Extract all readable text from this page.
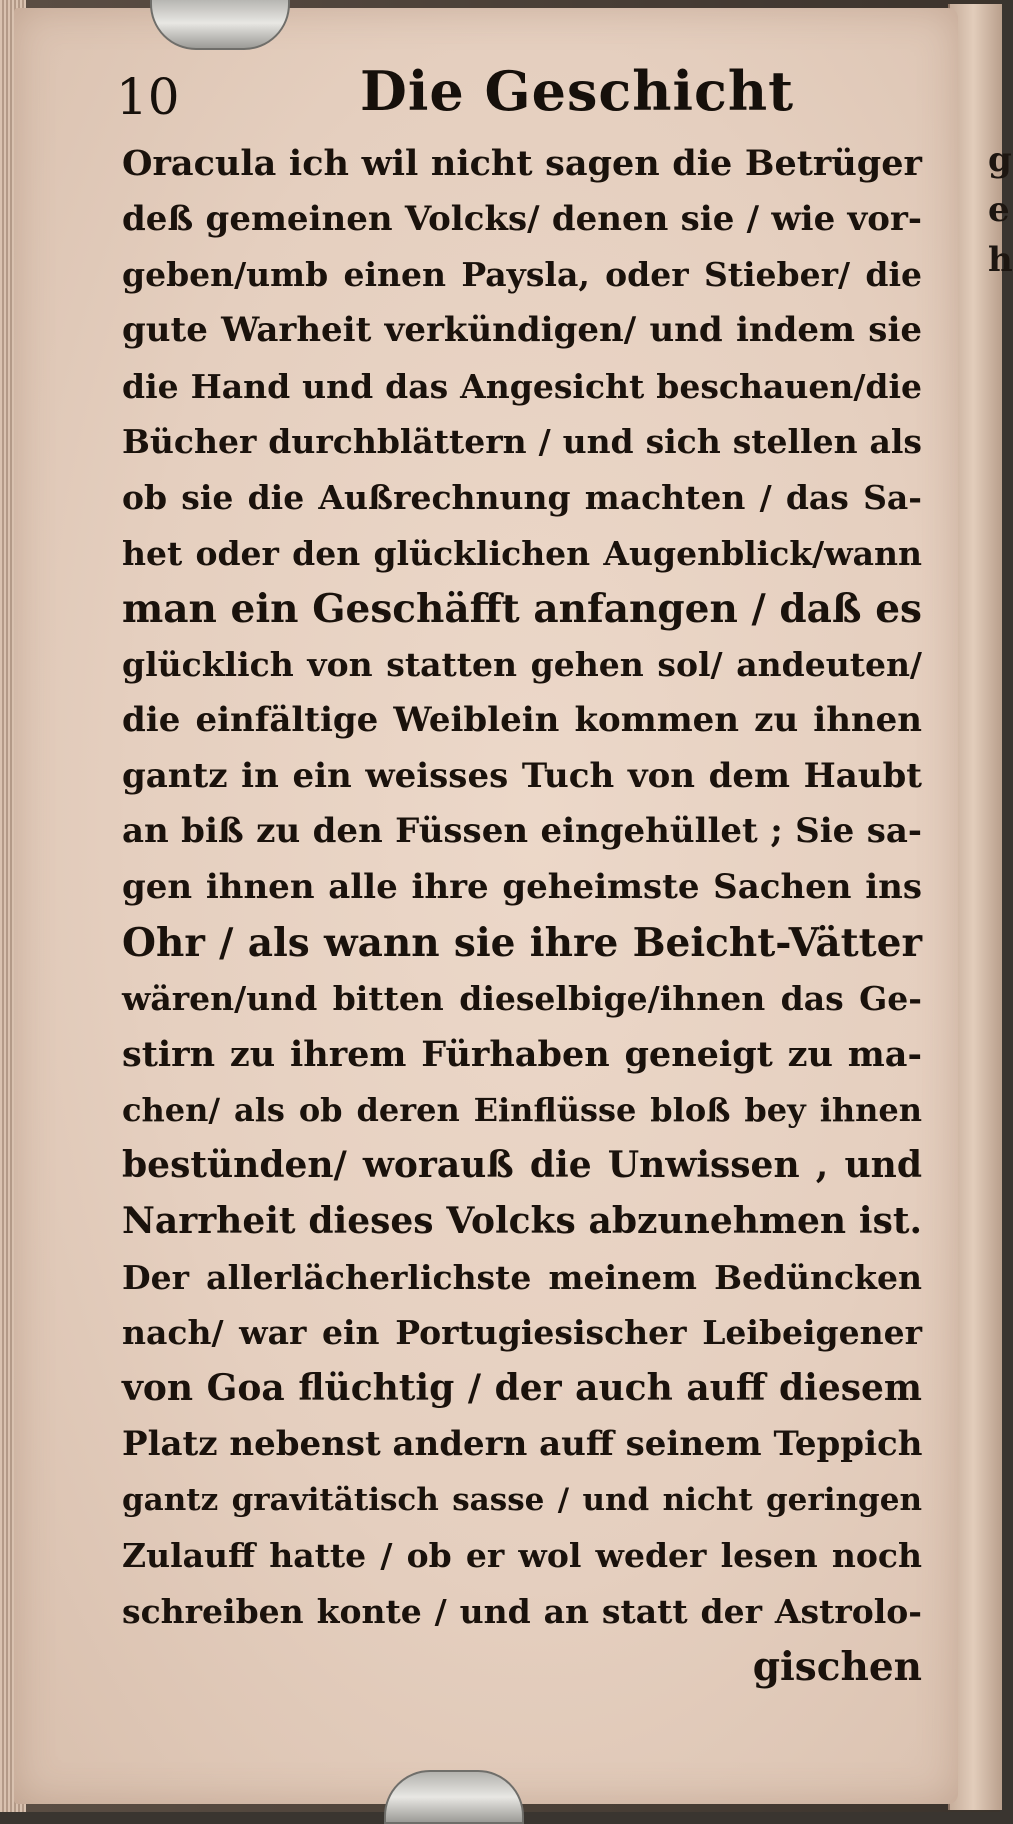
g
e
h
10	Die Geschicht
Oracula ich wil nicht sagen die Betrüger
deß gemeinen Volcks/ denen sie / wie vor-
geben/umb einen Paysla, oder Stieber/ die
gute Warheit verkündigen/ und indem sie
die Hand und das Angesicht beschauen/die
Bücher durchblättern / und sich stellen als
ob sie die Außrechnung machten / das Sa-
het oder den glücklichen Augenblick/wann
man ein Geschäfft anfangen / daß es
glücklich von statten gehen sol/ andeuten/
die einfältige Weiblein kommen zu ihnen
gantz in ein weisses Tuch von dem Haubt
an biß zu den Füssen eingehüllet ; Sie sa-
gen ihnen alle ihre geheimste Sachen ins
Ohr / als wann sie ihre Beicht-Vätter
wären/und bitten dieselbige/ihnen das Ge-
stirn zu ihrem Fürhaben geneigt zu ma-
chen/ als ob deren Einflüsse bloß bey ihnen
bestünden/ worauß die Unwissen , und
Narrheit dieses Volcks abzunehmen ist.
Der allerlächerlichste meinem Bedüncken
nach/ war ein Portugiesischer Leibeigener
von Goa flüchtig / der auch auff diesem
Platz nebenst andern auff seinem Teppich
gantz gravitätisch sasse / und nicht geringen
Zulauff hatte / ob er wol weder lesen noch
schreiben konte / und an statt der Astrolo-
gischen
